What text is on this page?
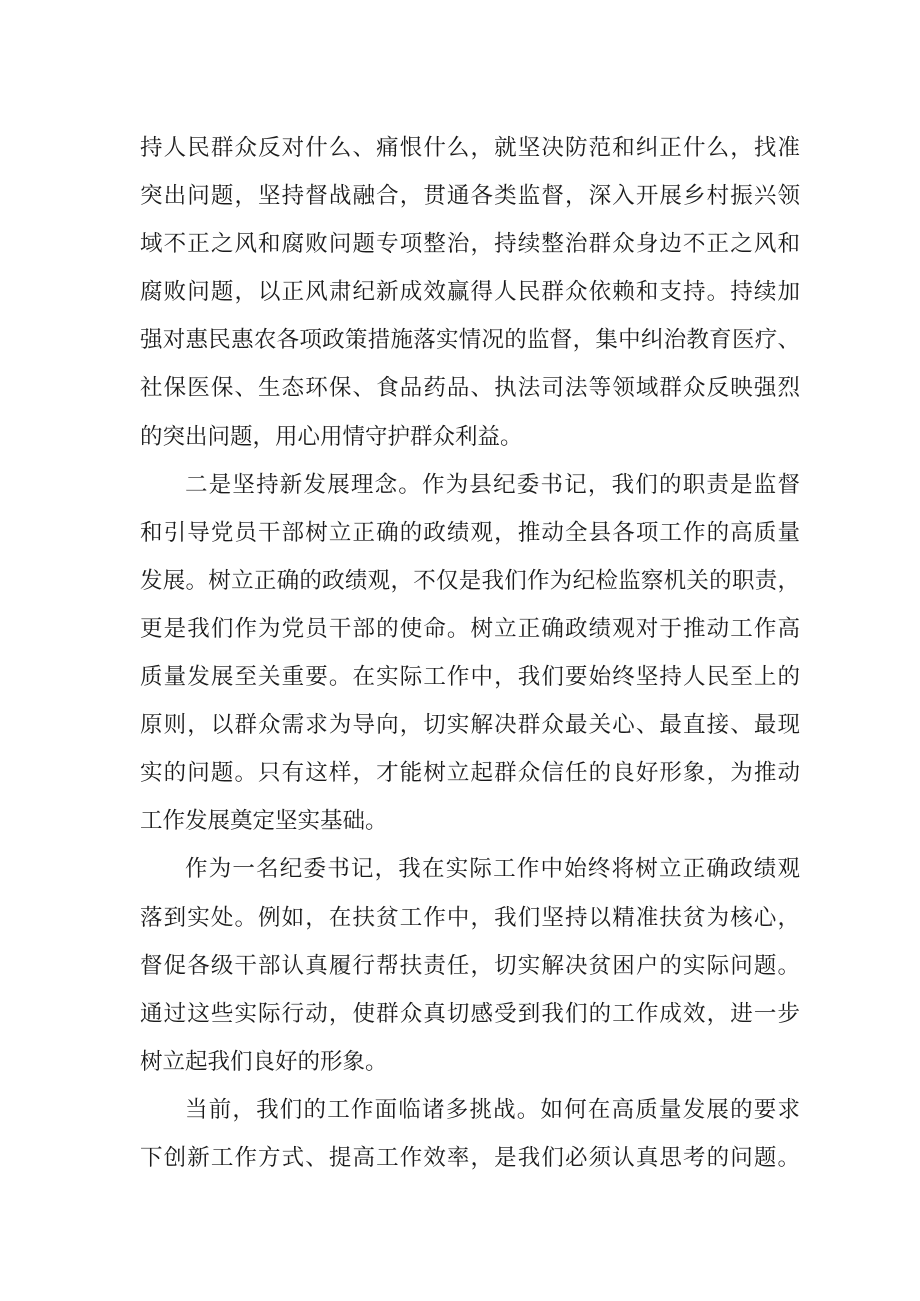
持人民群众反对什么、痛恨什么，就坚决防范和纠正什么，找准
突出问题，坚持督战融合，贯通各类监督，深入开展乡村振兴领
域不正之风和腐败问题专项整治，持续整治群众身边不正之风和
腐败问题，以正风肃纪新成效赢得人民群众依赖和支持。持续加
强对惠民惠农各项政策措施落实情况的监督，集中纠治教育医疗、
社保医保、生态环保、食品药品、执法司法等领域群众反映强烈
的突出问题，用心用情守护群众利益。
二是坚持新发展理念。作为县纪委书记，我们的职责是监督
和引导党员干部树立正确的政绩观，推动全县各项工作的高质量
发展。树立正确的政绩观，不仅是我们作为纪检监察机关的职责，
更是我们作为党员干部的使命。树立正确政绩观对于推动工作高
质量发展至关重要。在实际工作中，我们要始终坚持人民至上的
原则，以群众需求为导向，切实解决群众最关心、最直接、最现
实的问题。只有这样，才能树立起群众信任的良好形象，为推动
工作发展奠定坚实基础。
作为一名纪委书记，我在实际工作中始终将树立正确政绩观
落到实处。例如，在扶贫工作中，我们坚持以精准扶贫为核心，
督促各级干部认真履行帮扶责任，切实解决贫困户的实际问题。
通过这些实际行动，使群众真切感受到我们的工作成效，进一步
树立起我们良好的形象。
当前，我们的工作面临诸多挑战。如何在高质量发展的要求
下创新工作方式、提高工作效率，是我们必须认真思考的问题。
